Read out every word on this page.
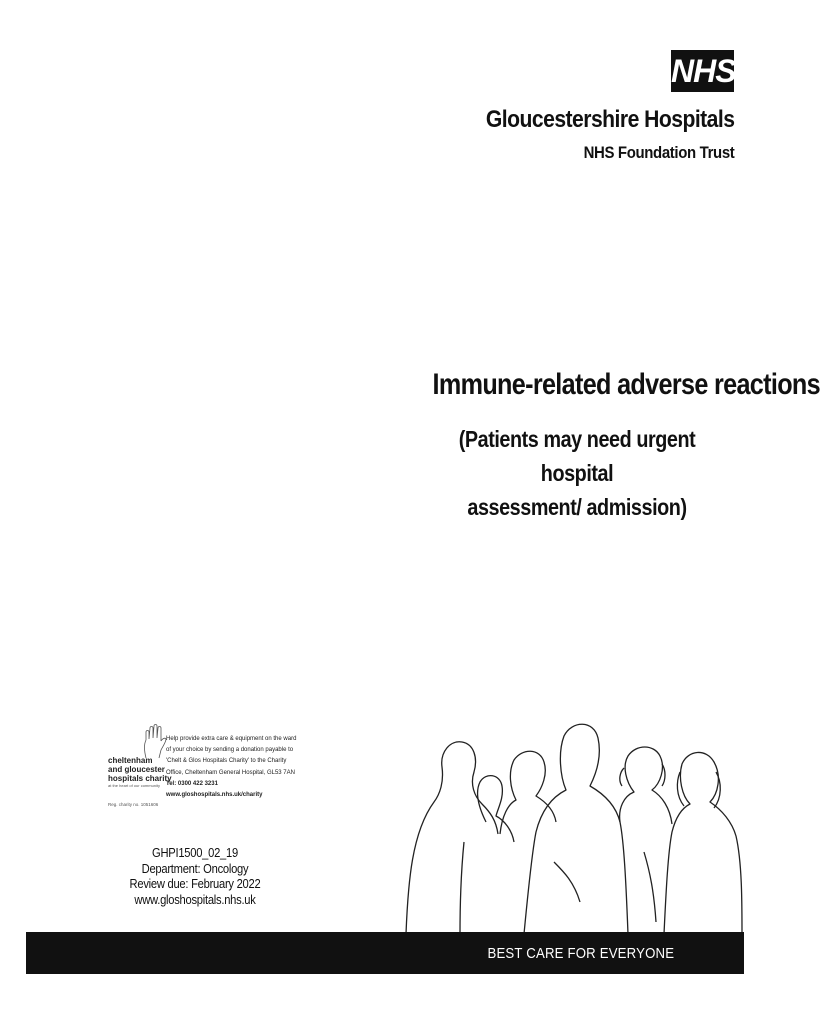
NHS
Gloucestershire Hospitals
NHS Foundation Trust
Immune-related adverse reactions
(Patients may need urgent hospital
assessment/ admission)
cheltenham
and gloucester
hospitals charity
at the heart of our community
Reg. charity no. 1051606
Help provide extra care & equipment on the ward
of your choice by sending a donation payable to
'Chelt & Glos Hospitals Charity' to the Charity
Office, Cheltenham General Hospital, GL53 7AN
Tel: 0300 422 3231
www.gloshospitals.nhs.uk/charity
GHPI1500_02_19
Department: Oncology
Review due: February 2022
www.gloshospitals.nhs.uk
BEST CARE FOR EVERYONE
